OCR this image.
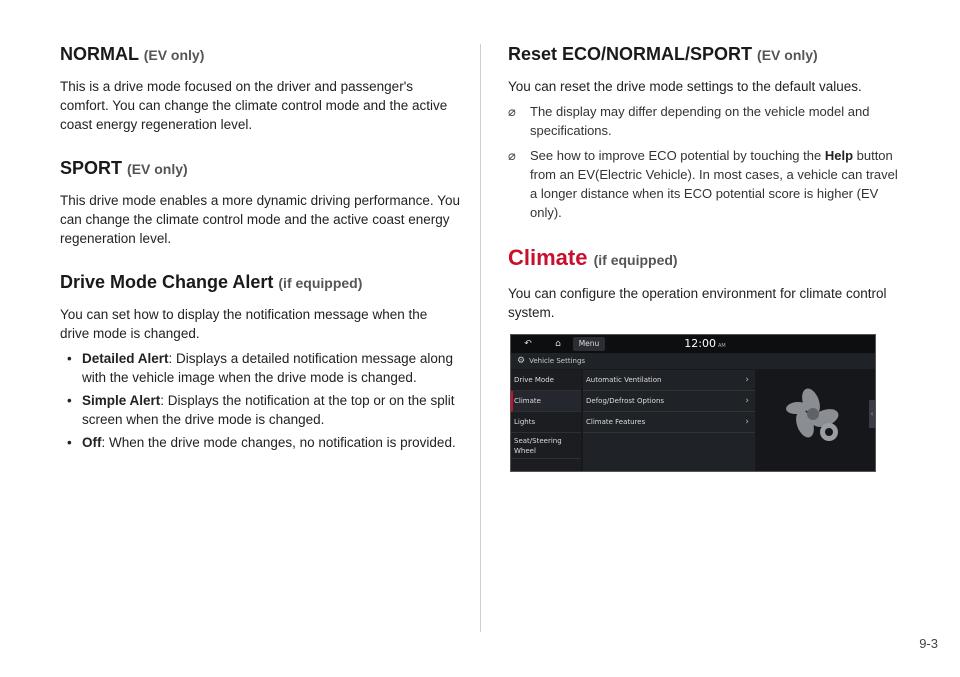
NORMAL (EV only)

This is a drive mode focused on the driver and passenger's comfort. You can change the climate control mode and the active coast energy regeneration level.

SPORT (EV only)

This drive mode enables a more dynamic driving performance. You can change the climate control mode and the active coast energy regeneration level.

Drive Mode Change Alert (if equipped)

You can set how to display the notification message when the drive mode is changed.

• Detailed Alert: Displays a detailed notification message along with the vehicle image when the drive mode is changed.
• Simple Alert: Displays the notification at the top or on the split screen when the drive mode is changed.
• Off: When the drive mode changes, no notification is provided.
Reset ECO/NORMAL/SPORT (EV only)

You can reset the drive mode settings to the default values.

⌀ The display may differ depending on the vehicle model and specifications.
⌀ See how to improve ECO potential by touching the Help button from an EV(Electric Vehicle). In most cases, a vehicle can travel a longer distance when its ECO potential score is higher (EV only).
Climate (if equipped)

You can configure the operation environment for climate control system.

↶	⌂	Menu	12:00 AM
⚙ Vehicle Settings
Drive Mode
Climate
Lights
Seat/Steering Wheel
Automatic Ventilation	›
Defog/Defrost Options	›
Climate Features	›
‹
9-3
